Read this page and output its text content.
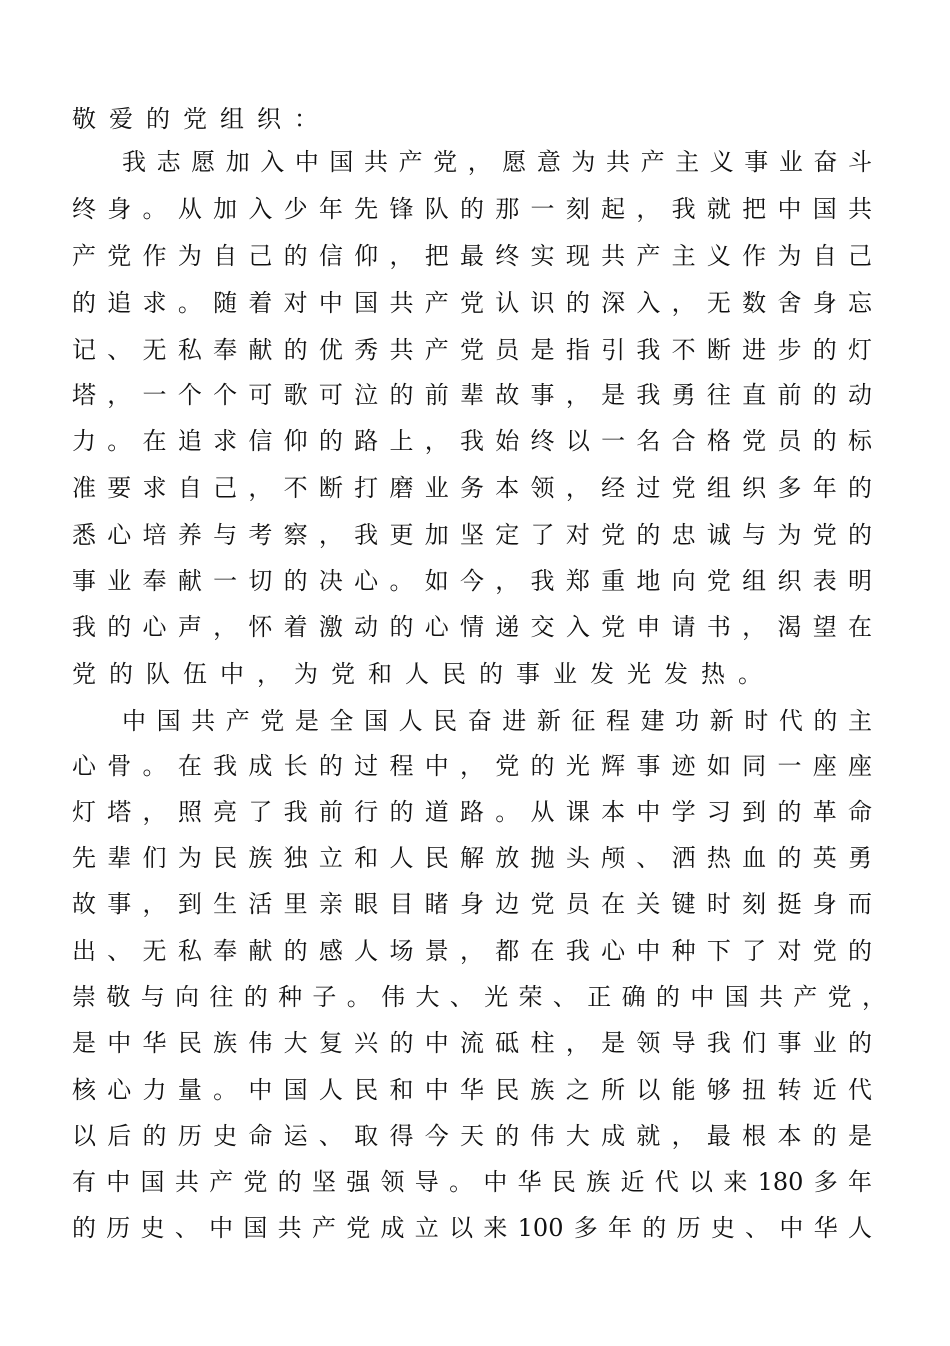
敬爱的党组织：
我志愿加入中国共产党，愿意为共产主义事业奋斗
终身。从加入少年先锋队的那一刻起，我就把中国共
产党作为自己的信仰，把最终实现共产主义作为自己
的追求。随着对中国共产党认识的深入，无数舍身忘
记、无私奉献的优秀共产党员是指引我不断进步的灯
塔，一个个可歌可泣的前辈故事，是我勇往直前的动
力。在追求信仰的路上，我始终以一名合格党员的标
准要求自己，不断打磨业务本领，经过党组织多年的
悉心培养与考察，我更加坚定了对党的忠诚与为党的
事业奉献一切的决心。如今，我郑重地向党组织表明
我的心声，怀着激动的心情递交入党申请书，渴望在
党的队伍中，为党和人民的事业发光发热。
中国共产党是全国人民奋进新征程建功新时代的主
心骨。在我成长的过程中，党的光辉事迹如同一座座
灯塔，照亮了我前行的道路。从课本中学习到的革命
先辈们为民族独立和人民解放抛头颅、洒热血的英勇
故事，到生活里亲眼目睹身边党员在关键时刻挺身而
出、无私奉献的感人场景，都在我心中种下了对党的
崇敬与向往的种子。伟大、光荣、正确的中国共产党，
是中华民族伟大复兴的中流砥柱，是领导我们事业的
核心力量。中国人民和中华民族之所以能够扭转近代
以后的历史命运、取得今天的伟大成就，最根本的是
有中国共产党的坚强领导。中华民族近代以来180多年
的历史、中国共产党成立以来100多年的历史、中华人
